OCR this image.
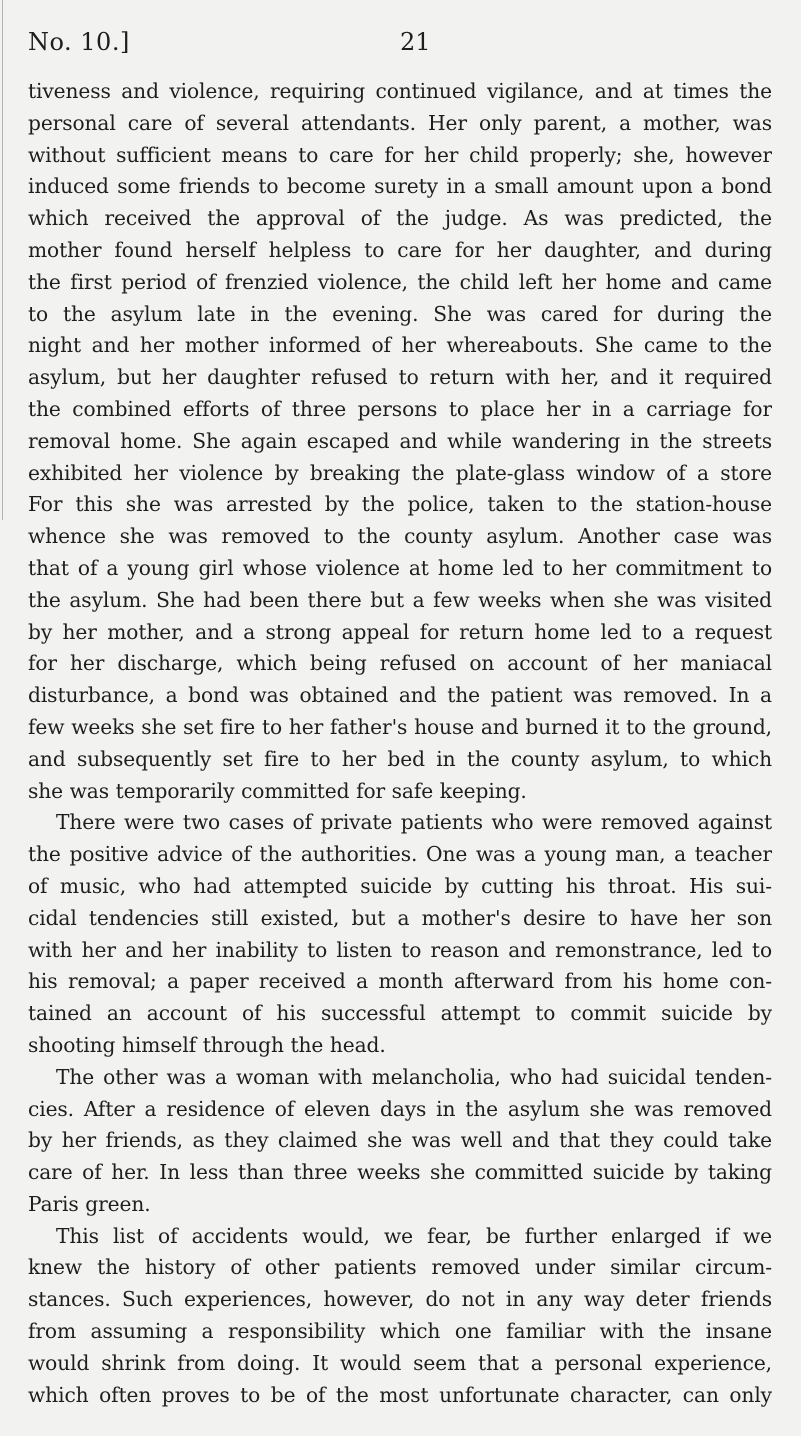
No. 10.]	21
tiveness and violence, requiring continued vigilance, and at times the
personal care of several attendants. Her only parent, a mother, was
without sufficient means to care for her child properly; she, however
induced some friends to become surety in a small amount upon a bond
which received the approval of the judge. As was predicted, the
mother found herself helpless to care for her daughter, and during
the first period of frenzied violence, the child left her home and came
to the asylum late in the evening. She was cared for during the
night and her mother informed of her whereabouts. She came to the
asylum, but her daughter refused to return with her, and it required
the combined efforts of three persons to place her in a carriage for
removal home. She again escaped and while wandering in the streets
exhibited her violence by breaking the plate-glass window of a store
For this she was arrested by the police, taken to the station-house
whence she was removed to the county asylum. Another case was
that of a young girl whose violence at home led to her commitment to
the asylum. She had been there but a few weeks when she was visited
by her mother, and a strong appeal for return home led to a request
for her discharge, which being refused on account of her maniacal
disturbance, a bond was obtained and the patient was removed. In a
few weeks she set fire to her father's house and burned it to the ground,
and subsequently set fire to her bed in the county asylum, to which
she was temporarily committed for safe keeping.
There were two cases of private patients who were removed against
the positive advice of the authorities. One was a young man, a teacher
of music, who had attempted suicide by cutting his throat. His sui-
cidal tendencies still existed, but a mother's desire to have her son
with her and her inability to listen to reason and remonstrance, led to
his removal; a paper received a month afterward from his home con-
tained an account of his successful attempt to commit suicide by
shooting himself through the head.
The other was a woman with melancholia, who had suicidal tenden-
cies. After a residence of eleven days in the asylum she was removed
by her friends, as they claimed she was well and that they could take
care of her. In less than three weeks she committed suicide by taking
Paris green.
This list of accidents would, we fear, be further enlarged if we
knew the history of other patients removed under similar circum-
stances. Such experiences, however, do not in any way deter friends
from assuming a responsibility which one familiar with the insane
would shrink from doing. It would seem that a personal experience,
which often proves to be of the most unfortunate character, can only
